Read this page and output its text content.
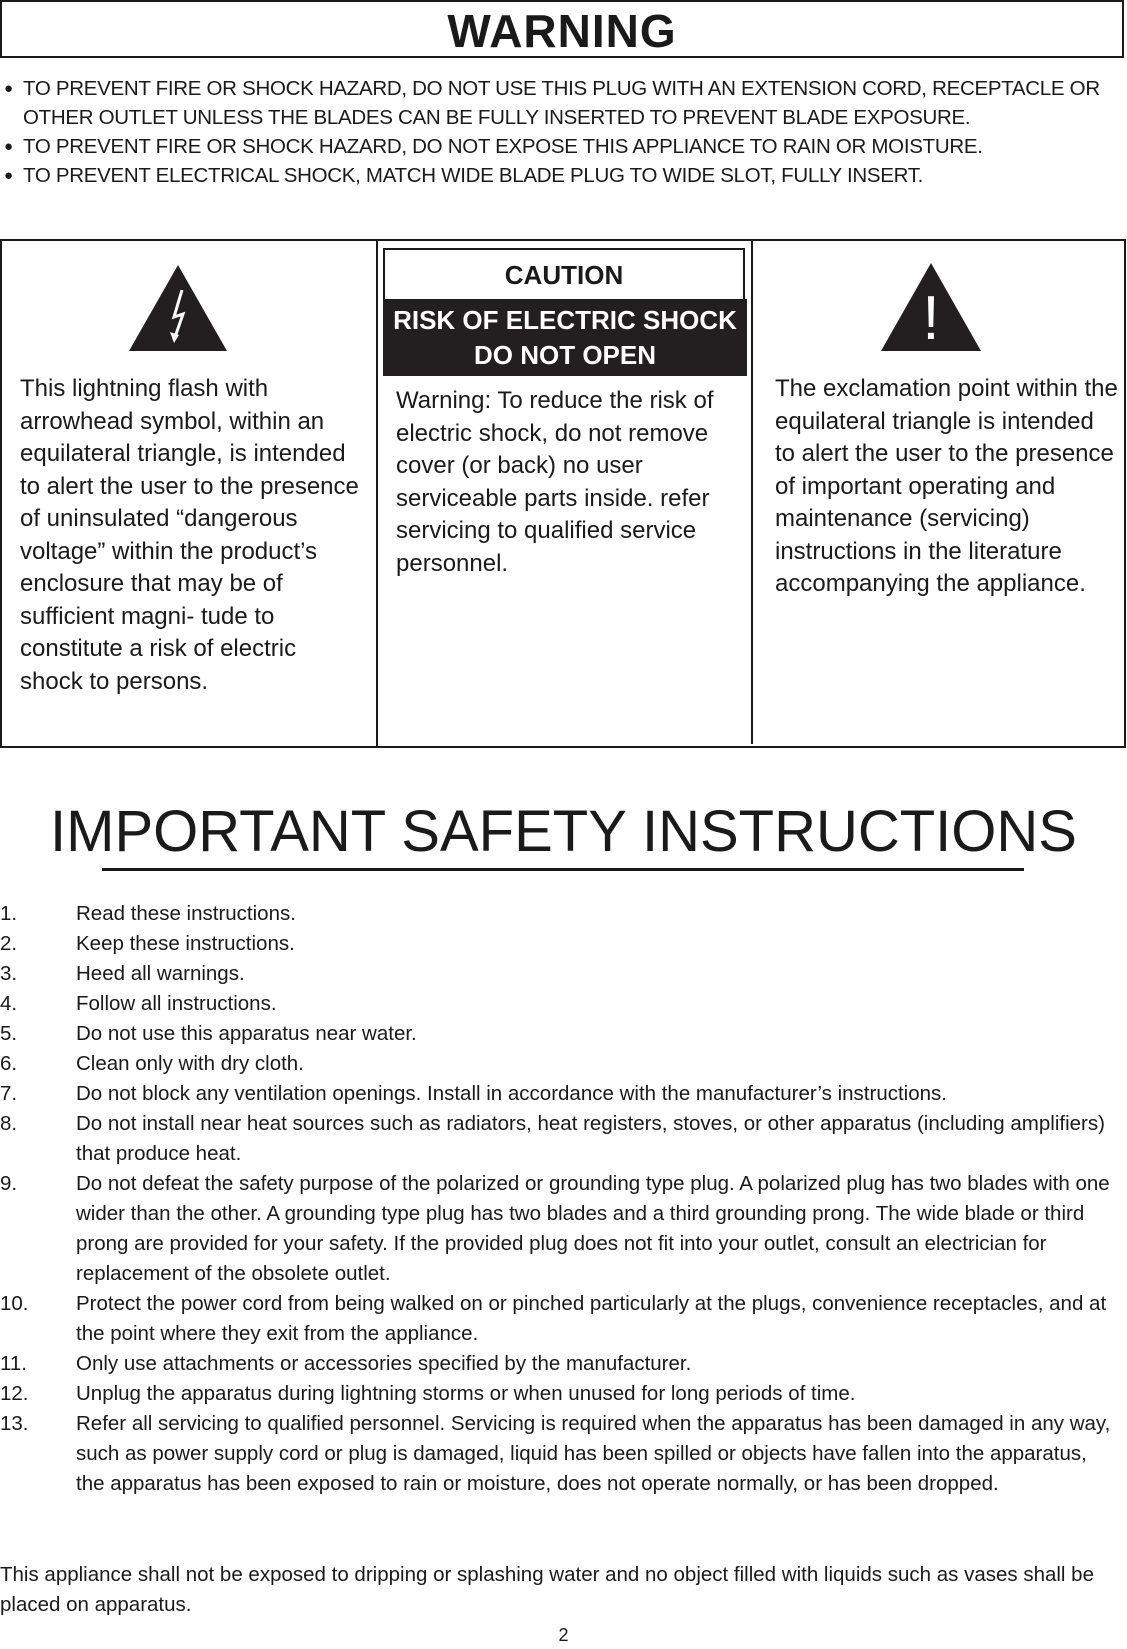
WARNING
● TO PREVENT FIRE OR SHOCK HAZARD, DO NOT USE THIS PLUG WITH AN EXTENSION CORD, RECEPTACLE OR OTHER OUTLET UNLESS THE BLADES CAN BE FULLY INSERTED TO PREVENT BLADE EXPOSURE.
● TO PREVENT FIRE OR SHOCK HAZARD, DO NOT EXPOSE THIS APPLIANCE TO RAIN OR MOISTURE.
● TO PREVENT ELECTRICAL SHOCK, MATCH WIDE BLADE PLUG TO WIDE SLOT, FULLY INSERT.

This lightning flash with arrowhead symbol, within an equilateral triangle, is intended to alert the user to the presence of uninsulated “dangerous voltage” within the product’s enclosure that may be of sufficient magni- tude to constitute a risk of electric shock to persons.

CAUTION
RISK OF ELECTRIC SHOCK
DO NOT OPEN

Warning: To reduce the risk of electric shock, do not remove cover (or back) no user serviceable parts inside. refer servicing to qualified service personnel.

!

The exclamation point within the equilateral triangle is intended to alert the user to the presence of important operating and maintenance (servicing) instructions in the literature accompanying the appliance.

IMPORTANT SAFETY INSTRUCTIONS
1.	Read these instructions.
2.	Keep these instructions.
3.	Heed all warnings.
4.	Follow all instructions.
5.	Do not use this apparatus near water.
6.	Clean only with dry cloth.
7.	Do not block any ventilation openings. Install in accordance with the manufacturer’s instructions.
8.	Do not install near heat sources such as radiators, heat registers, stoves, or other apparatus (including amplifiers) that produce heat.
9.	Do not defeat the safety purpose of the polarized or grounding type plug. A polarized plug has two blades with one wider than the other. A grounding type plug has two blades and a third grounding prong. The wide blade or third prong are provided for your safety. If the provided plug does not fit into your outlet, consult an electrician for replacement of the obsolete outlet.
10. Protect the power cord from being walked on or pinched particularly at the plugs, convenience receptacles, and at the point where they exit from the appliance.
11. Only use attachments or accessories specified by the manufacturer.
12. Unplug the apparatus during lightning storms or when unused for long periods of time.
13. Refer all servicing to qualified personnel. Servicing is required when the apparatus has been damaged in any way, such as power supply cord or plug is damaged, liquid has been spilled or objects have fallen into the apparatus, the apparatus has been exposed to rain or moisture, does not operate normally, or has been dropped.

This appliance shall not be exposed to dripping or splashing water and no object filled with liquids such as vases shall be placed on apparatus.

2
